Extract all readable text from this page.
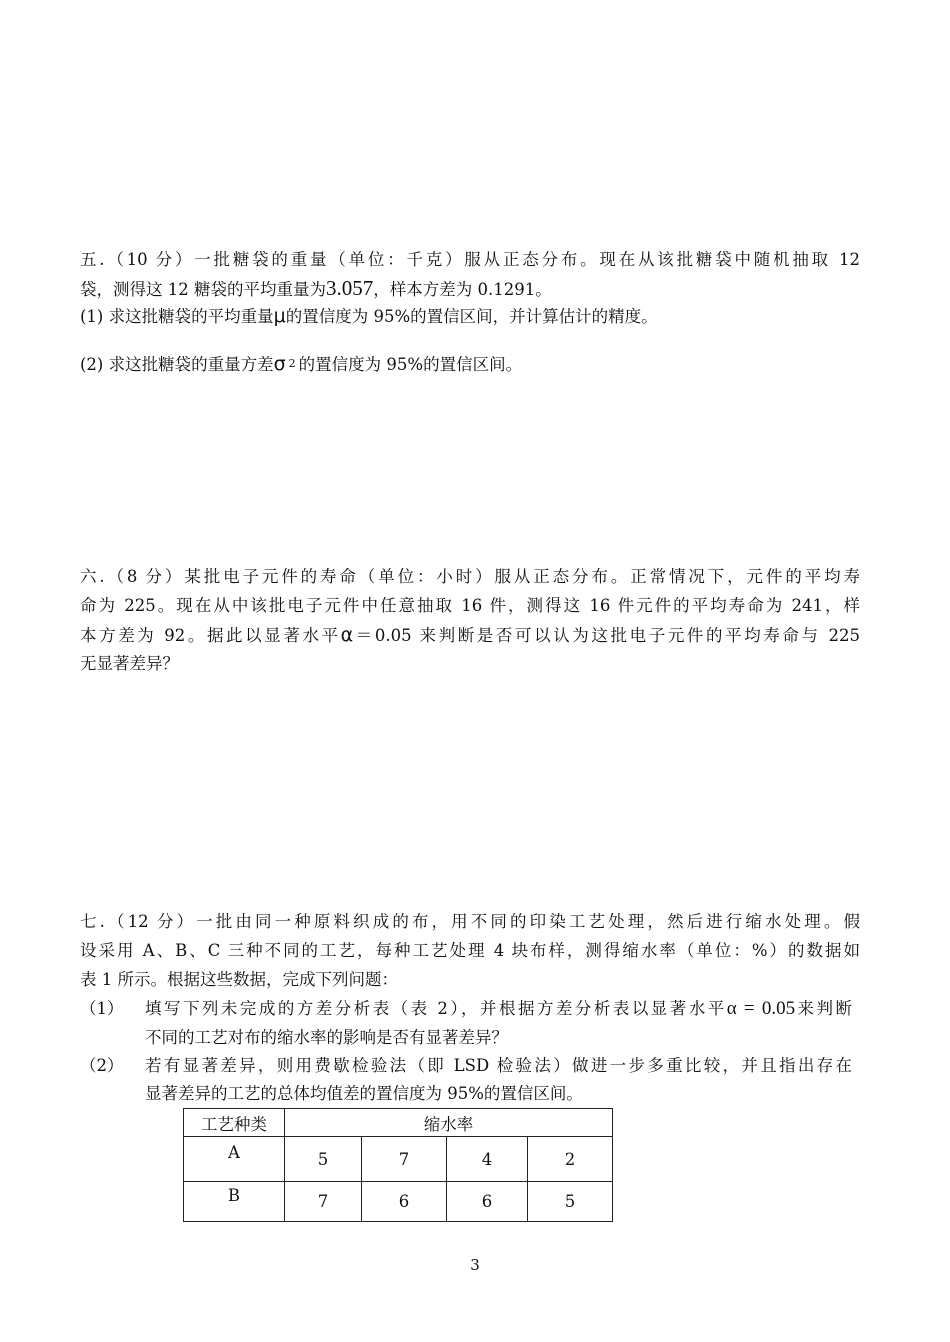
五.（10 分）一批糖袋的重量（单位：千克）服从正态分布。现在从该批糖袋中随机抽取 12
袋，测得这 12 糖袋的平均重量为3.057，样本方差为 0.1291。
(1) 求这批糖袋的平均重量μ的置信度为 95%的置信区间，并计算估计的精度。
(2) 求这批糖袋的重量方差σ 2 的置信度为 95%的置信区间。
六.（8 分）某批电子元件的寿命（单位：小时）服从正态分布。正常情况下，元件的平均寿
命为 225。现在从中该批电子元件中任意抽取 16 件，测得这 16 件元件的平均寿命为 241，样
本方差为 92。据此以显著水平α＝0.05 来判断是否可以认为这批电子元件的平均寿命与 225
无显著差异？
七.（12 分）一批由同一种原料织成的布，用不同的印染工艺处理，然后进行缩水处理。假
设采用 A、B、C 三种不同的工艺，每种工艺处理 4 块布样，测得缩水率（单位：%）的数据如
表 1 所示。根据这些数据，完成下列问题：
（1） 填写下列未完成的方差分析表（表 2），并根据方差分析表以显著水平α = 0.05来判断
不同的工艺对布的缩水率的影响是否有显著差异？
（2） 若有显著差异，则用费歇检验法（即 LSD 检验法）做进一步多重比较，并且指出存在
显著差异的工艺的总体均值差的置信度为 95%的置信区间。
工艺种类	缩水率			
A	5	7	4	2
B	7	6	6	5
3
